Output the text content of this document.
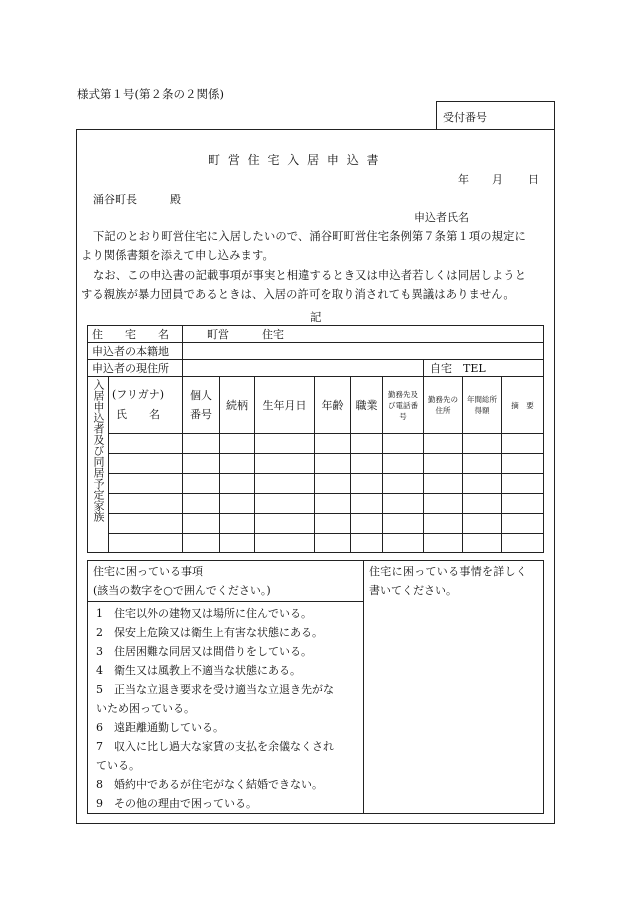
様式第１号(第２条の２関係)
受付番号
町 営 住 宅 入 居 申 込 書
年 月 日
涌谷町長　　　殿
申込者氏名
下記のとおり町営住宅に入居したいので、涌谷町町営住宅条例第７条第１項の規定に
より関係書類を添えて申し込みます。
なお、この申込書の記載事項が事実と相違するとき又は申込者若しくは同居しようと
する親族が暴力団員であるときは、入居の許可を取り消されても異議はありません。
記
住　　宅　　名		町営　　　住宅								
申込者の本籍地										
申込者の現住所								自宅　TEL		

入居申込者及び同居予定家族	(フリガナ)
氏　　名	個人番号	続柄	生年月日	年齢	職業	勤務先及び電話番号	勤務先の住所	年間総所得額	摘　要

住宅に困っている事項
(該当の数字を○で囲んでください。)

住宅に困っている事情を詳しく
書いてください。

1　住宅以外の建物又は場所に住んでいる。
2　保安上危険又は衛生上有害な状態にある。
3　住居困難な同居又は間借りをしている。
4　衛生又は風教上不適当な状態にある。
5　正当な立退き要求を受け適当な立退き先がな
いため困っている。
6　遠距離通勤している。
7　収入に比し過大な家賃の支払を余儀なくされ
ている。
8　婚約中であるが住宅がなく結婚できない。
9　その他の理由で困っている。
